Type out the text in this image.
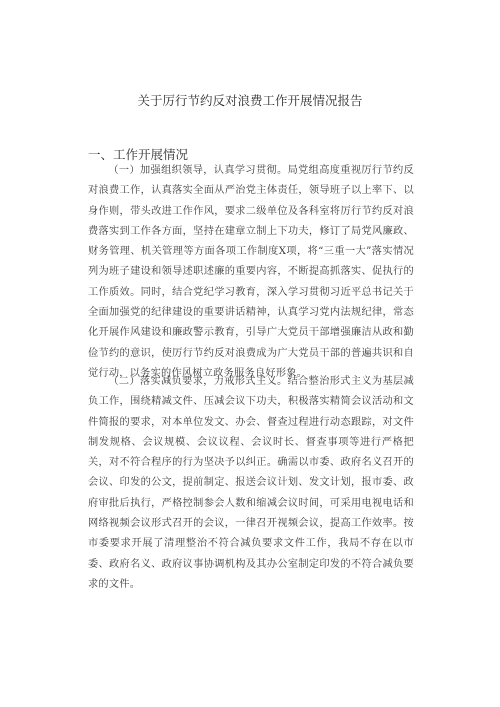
关于厉行节约反对浪费工作开展情况报告
一、工作开展情况

（一）加强组织领导，认真学习贯彻。局党组高度重视厉行节约反对浪费工作，认真落实全面从严治党主体责任，领导班子以上率下、以身作则，带头改进工作作风，要求二级单位及各科室将厉行节约反对浪费落实到工作各方面，坚持在建章立制上下功夫，修订了局党风廉政、财务管理、机关管理等方面各项工作制度X项，将“三重一大”落实情况列为班子建设和领导述职述廉的重要内容，不断提高抓落实、促执行的工作质效。同时，结合党纪学习教育，深入学习贯彻习近平总书记关于全面加强党的纪律建设的重要讲话精神，认真学习党内法规纪律，常态化开展作风建设和廉政警示教育，引导广大党员干部增强廉洁从政和勤俭节约的意识，使厉行节约反对浪费成为广大党员干部的普遍共识和自觉行动，以务实的作风树立政务服务良好形象。

（二）落实减负要求，力戒形式主义。结合整治形式主义为基层减负工作，围绕精减文件、压减会议下功夫，积极落实精简会议活动和文件简报的要求，对本单位发文、办会、督查过程进行动态跟踪，对文件制发规格、会议规模、会议议程、会议时长、督查事项等进行严格把关，对不符合程序的行为坚决予以纠正。确需以市委、政府名义召开的会议、印发的公文，提前制定、报送会议计划、发文计划，报市委、政府审批后执行，严格控制参会人数和缩减会议时间，可采用电视电话和网络视频会议形式召开的会议，一律召开视频会议，提高工作效率。按市委要求开展了清理整治不符合减负要求文件工作，我局不存在以市委、政府名义、政府议事协调机构及其办公室制定印发的不符合减负要求的文件。
